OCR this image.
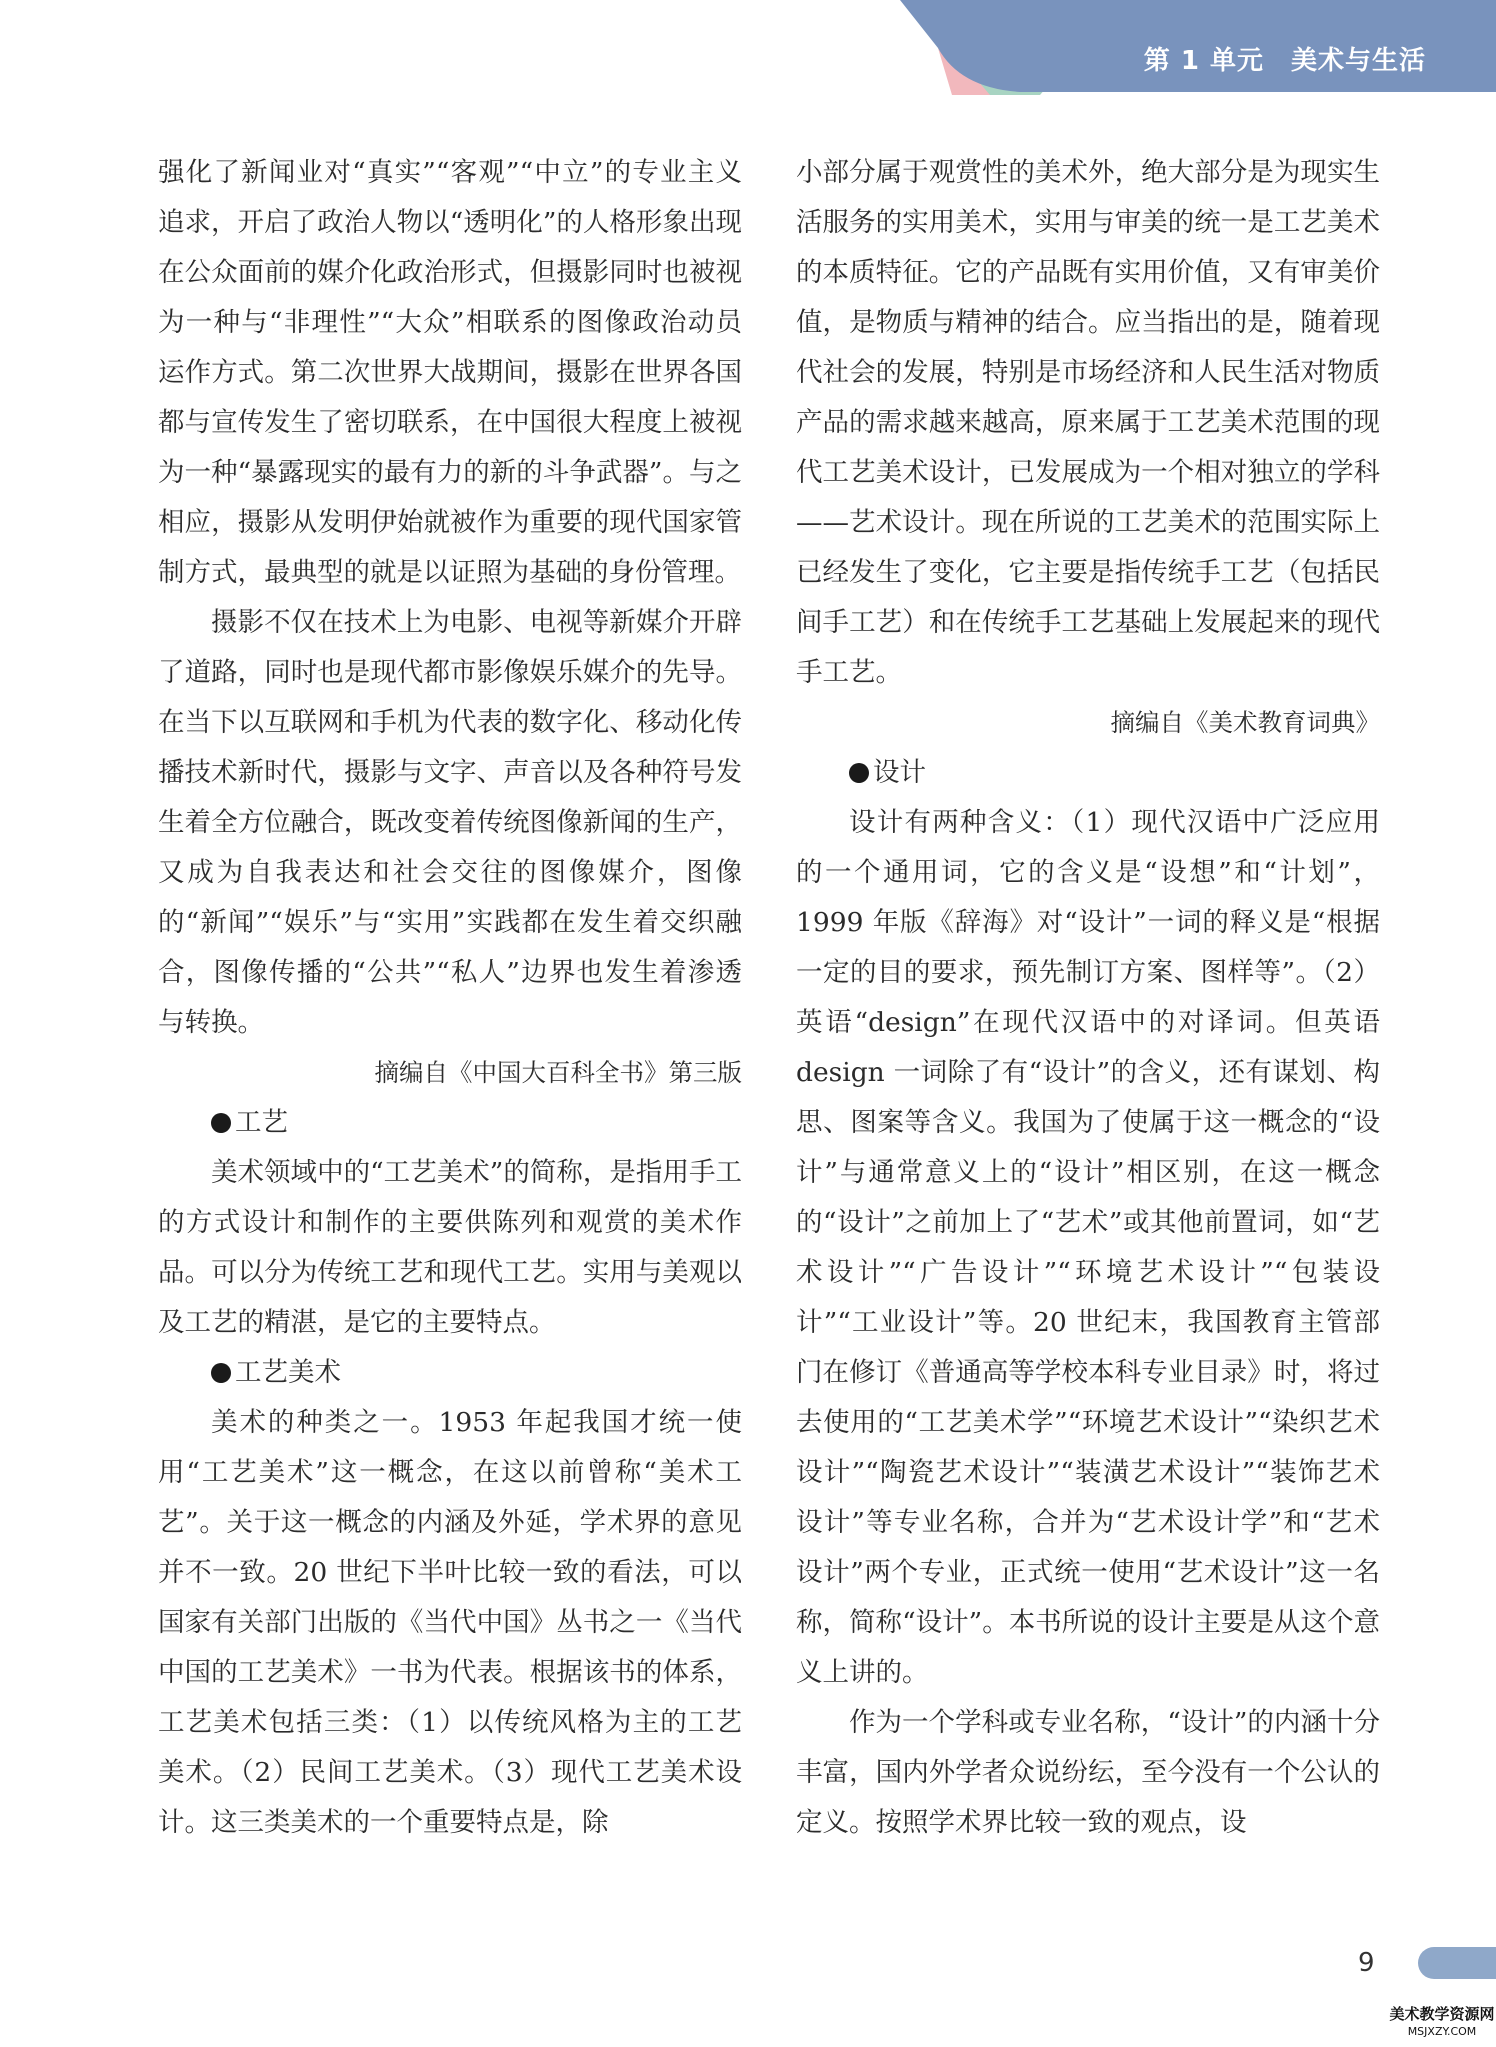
第 1 单元　美术与生活

强化了新闻业对“真实”“客观”“中立”的专业主义追求，开启了政治人物以“透明化”的人格形象出现在公众面前的媒介化政治形式，但摄影同时也被视为一种与“非理性”“大众”相联系的图像政治动员运作方式。第二次世界大战期间，摄影在世界各国都与宣传发生了密切联系，在中国很大程度上被视为一种“暴露现实的最有力的新的斗争武器”。与之相应，摄影从发明伊始就被作为重要的现代国家管制方式，最典型的就是以证照为基础的身份管理。

摄影不仅在技术上为电影、电视等新媒介开辟了道路，同时也是现代都市影像娱乐媒介的先导。在当下以互联网和手机为代表的数字化、移动化传播技术新时代，摄影与文字、声音以及各种符号发生着全方位融合，既改变着传统图像新闻的生产，又成为自我表达和社会交往的图像媒介，图像的“新闻”“娱乐”与“实用”实践都在发生着交织融合，图像传播的“公共”“私人”边界也发生着渗透与转换。

摘编自《中国大百科全书》第三版

工艺

美术领域中的“工艺美术”的简称，是指用手工的方式设计和制作的主要供陈列和观赏的美术作品。可以分为传统工艺和现代工艺。实用与美观以及工艺的精湛，是它的主要特点。

工艺美术

美术的种类之一。1953 年起我国才统一使用“工艺美术”这一概念，在这以前曾称“美术工艺”。关于这一概念的内涵及外延，学术界的意见并不一致。20 世纪下半叶比较一致的看法，可以国家有关部门出版的《当代中国》丛书之一《当代中国的工艺美术》一书为代表。根据该书的体系，工艺美术包括三类：（1）以传统风格为主的工艺美术。（2）民间工艺美术。（3）现代工艺美术设计。这三类美术的一个重要特点是，除

小部分属于观赏性的美术外，绝大部分是为现实生活服务的实用美术，实用与审美的统一是工艺美术的本质特征。它的产品既有实用价值，又有审美价值，是物质与精神的结合。应当指出的是，随着现代社会的发展，特别是市场经济和人民生活对物质产品的需求越来越高，原来属于工艺美术范围的现代工艺美术设计，已发展成为一个相对独立的学科——艺术设计。现在所说的工艺美术的范围实际上已经发生了变化，它主要是指传统手工艺（包括民间手工艺）和在传统手工艺基础上发展起来的现代手工艺。

摘编自《美术教育词典》

设计

设计有两种含义：（1）现代汉语中广泛应用的一个通用词，它的含义是“设想”和“计划”，1999 年版《辞海》对“设计”一词的释义是“根据一定的目的要求，预先制订方案、图样等”。（2）英语“design”在现代汉语中的对译词。但英语 design 一词除了有“设计”的含义，还有谋划、构思、图案等含义。我国为了使属于这一概念的“设计”与通常意义上的“设计”相区别，在这一概念的“设计”之前加上了“艺术”或其他前置词，如“艺术设计”“广告设计”“环境艺术设计”“包装设计”“工业设计”等。20 世纪末，我国教育主管部门在修订《普通高等学校本科专业目录》时，将过去使用的“工艺美术学”“环境艺术设计”“染织艺术设计”“陶瓷艺术设计”“装潢艺术设计”“装饰艺术设计”等专业名称，合并为“艺术设计学”和“艺术设计”两个专业，正式统一使用“艺术设计”这一名称，简称“设计”。本书所说的设计主要是从这个意义上讲的。

作为一个学科或专业名称，“设计”的内涵十分丰富，国内外学者众说纷纭，至今没有一个公认的定义。按照学术界比较一致的观点，设

9
美术教学资源网
MSJXZY.COM
